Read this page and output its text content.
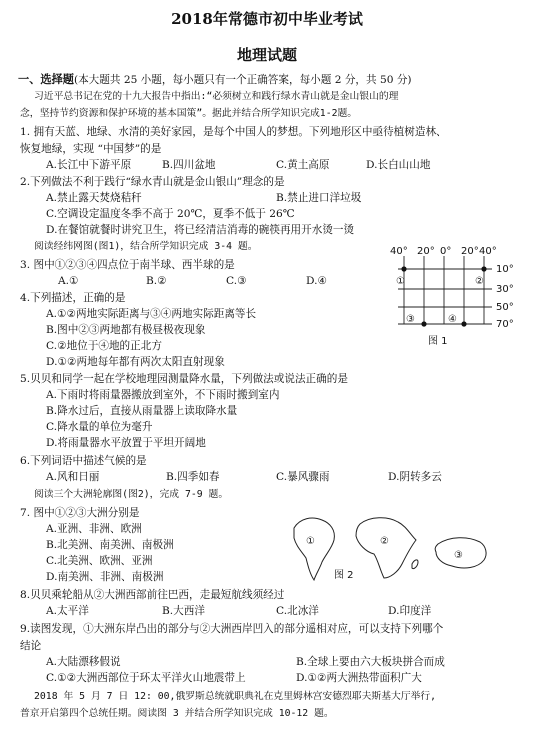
2018年常德市初中毕业考试
地理试题
一、选择题(本大题共 25 小题，每小题只有一个正确答案，每小题 2 分，共 50 分)
习近平总书记在党的十九大报告中指出:“必须树立和践行绿水青山就是金山银山的理
念，坚持节约资源和保护环境的基本国策”。据此并结合所学知识完成1-2题。
1. 拥有天蓝、地绿、水清的美好家园，是每个中国人的梦想。下列地形区中亟待植树造林、
恢复地绿，实现 “中国梦”的是
A.长江中下游平原	B.四川盆地	C.黄土高原	D.长白山山地
2.下列做法不利于践行“绿水青山就是金山银山”理念的是
A.禁止露天焚烧秸秆	B.禁止进口洋垃圾
C.空调设定温度冬季不高于 20℃，夏季不低于 26℃
D.在餐馆就餐时讲究卫生，将已经清洁消毒的碗筷再用开水烫一烫
阅读经纬网图(图1)，结合所学知识完成 3-4 题。
3. 图中①②③④四点位于南半球、西半球的是
A.①	B.②	C.③	D.④
4.下列描述，正确的是
A.①②两地实际距离与③④两地实际距离等长
B.图中②③两地都有极昼极夜现象
C.②地位于④地的正北方
D.①②两地每年都有两次太阳直射现象
5.贝贝和同学一起在学校地理园测量降水量，下列做法或说法正确的是
A.下雨时将雨量器搬放到室外，不下雨时搬到室内
B.降水过后，直接从雨量器上读取降水量
C.降水量的单位为毫升
D.将雨量器水平放置于平坦开阔地
6.下列词语中描述气候的是
A.风和日丽	B.四季如春	C.暴风骤雨	D.阴转多云
阅读三个大洲轮廓图(图2)，完成 7-9 题。
7. 图中①②③大洲分别是
A.亚洲、非洲、欧洲
B.北美洲、南美洲、南极洲
C.北美洲、欧洲、亚洲
D.南美洲、非洲、南极洲
8.贝贝乘轮船从②大洲西部前往巴西，走最短航线须经过
A.太平洋	B.大西洋	C.北冰洋	D.印度洋
9.读图发现，①大洲东岸凸出的部分与②大洲西岸凹入的部分遥相对应，可以支持下列哪个
结论
A.大陆漂移假说	B.全球上要由六大板块拼合而成
C.①②大洲西部位于环太平洋火山地震带上	D.①②两大洲热带面积广大
2018 年 5 月 7 日 12: 00,俄罗斯总统就职典礼在克里姆林宫安德烈耶夫斯基大厅举行,
普京开启第四个总统任期。阅读图 3 并结合所学知识完成 10-12 题。
40° 20° 0° 20° 40°
10°
30°
50°
70°
①	②
③	④
图 1
①	②
③
图 2
